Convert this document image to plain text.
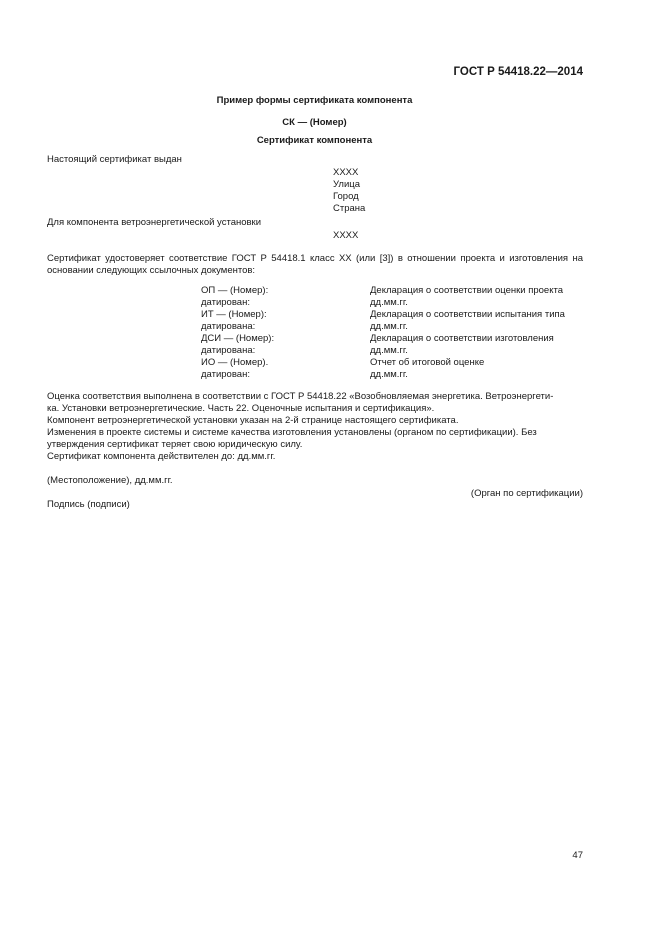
ГОСТ Р 54418.22—2014
Пример формы сертификата компонента
СК — (Номер)
Сертификат компонента
Настоящий сертификат выдан
ХХХХ
Улица
Город
Страна
Для компонента ветроэнергетической установки
ХХХХ

Сертификат удостоверяет соответствие ГОСТ Р 54418.1 класс XX (или [3]) в отношении проекта и изготовления на основании следующих ссылочных документов:

ОП — (Номер):	Декларация о соответствии оценки проекта
датирован:	дд.мм.гг.
ИТ — (Номер):	Декларация о соответствии испытания типа
датирована:	дд.мм.гг.
ДСИ — (Номер):	Декларация о соответствии изготовления
датирована:	дд.мм.гг.
ИО — (Номер).	Отчет об итоговой оценке
датирован:	дд.мм.гг.
Оценка соответствия выполнена в соответствии с ГОСТ Р 54418.22 «Возобновляемая энергетика. Ветроэнергети-
ка. Установки ветроэнергетические. Часть 22. Оценочные испытания и сертификация».
Компонент ветроэнергетической установки указан на 2-й странице настоящего сертификата.
Изменения в проекте системы и системе качества изготовления установлены (органом по сертификации). Без
утверждения сертификат теряет свою юридическую силу.
Сертификат компонента действителен до: дд.мм.гг.
(Местоположение), дд.мм.гг.
(Орган по сертификации)
Подпись (подписи)
47
